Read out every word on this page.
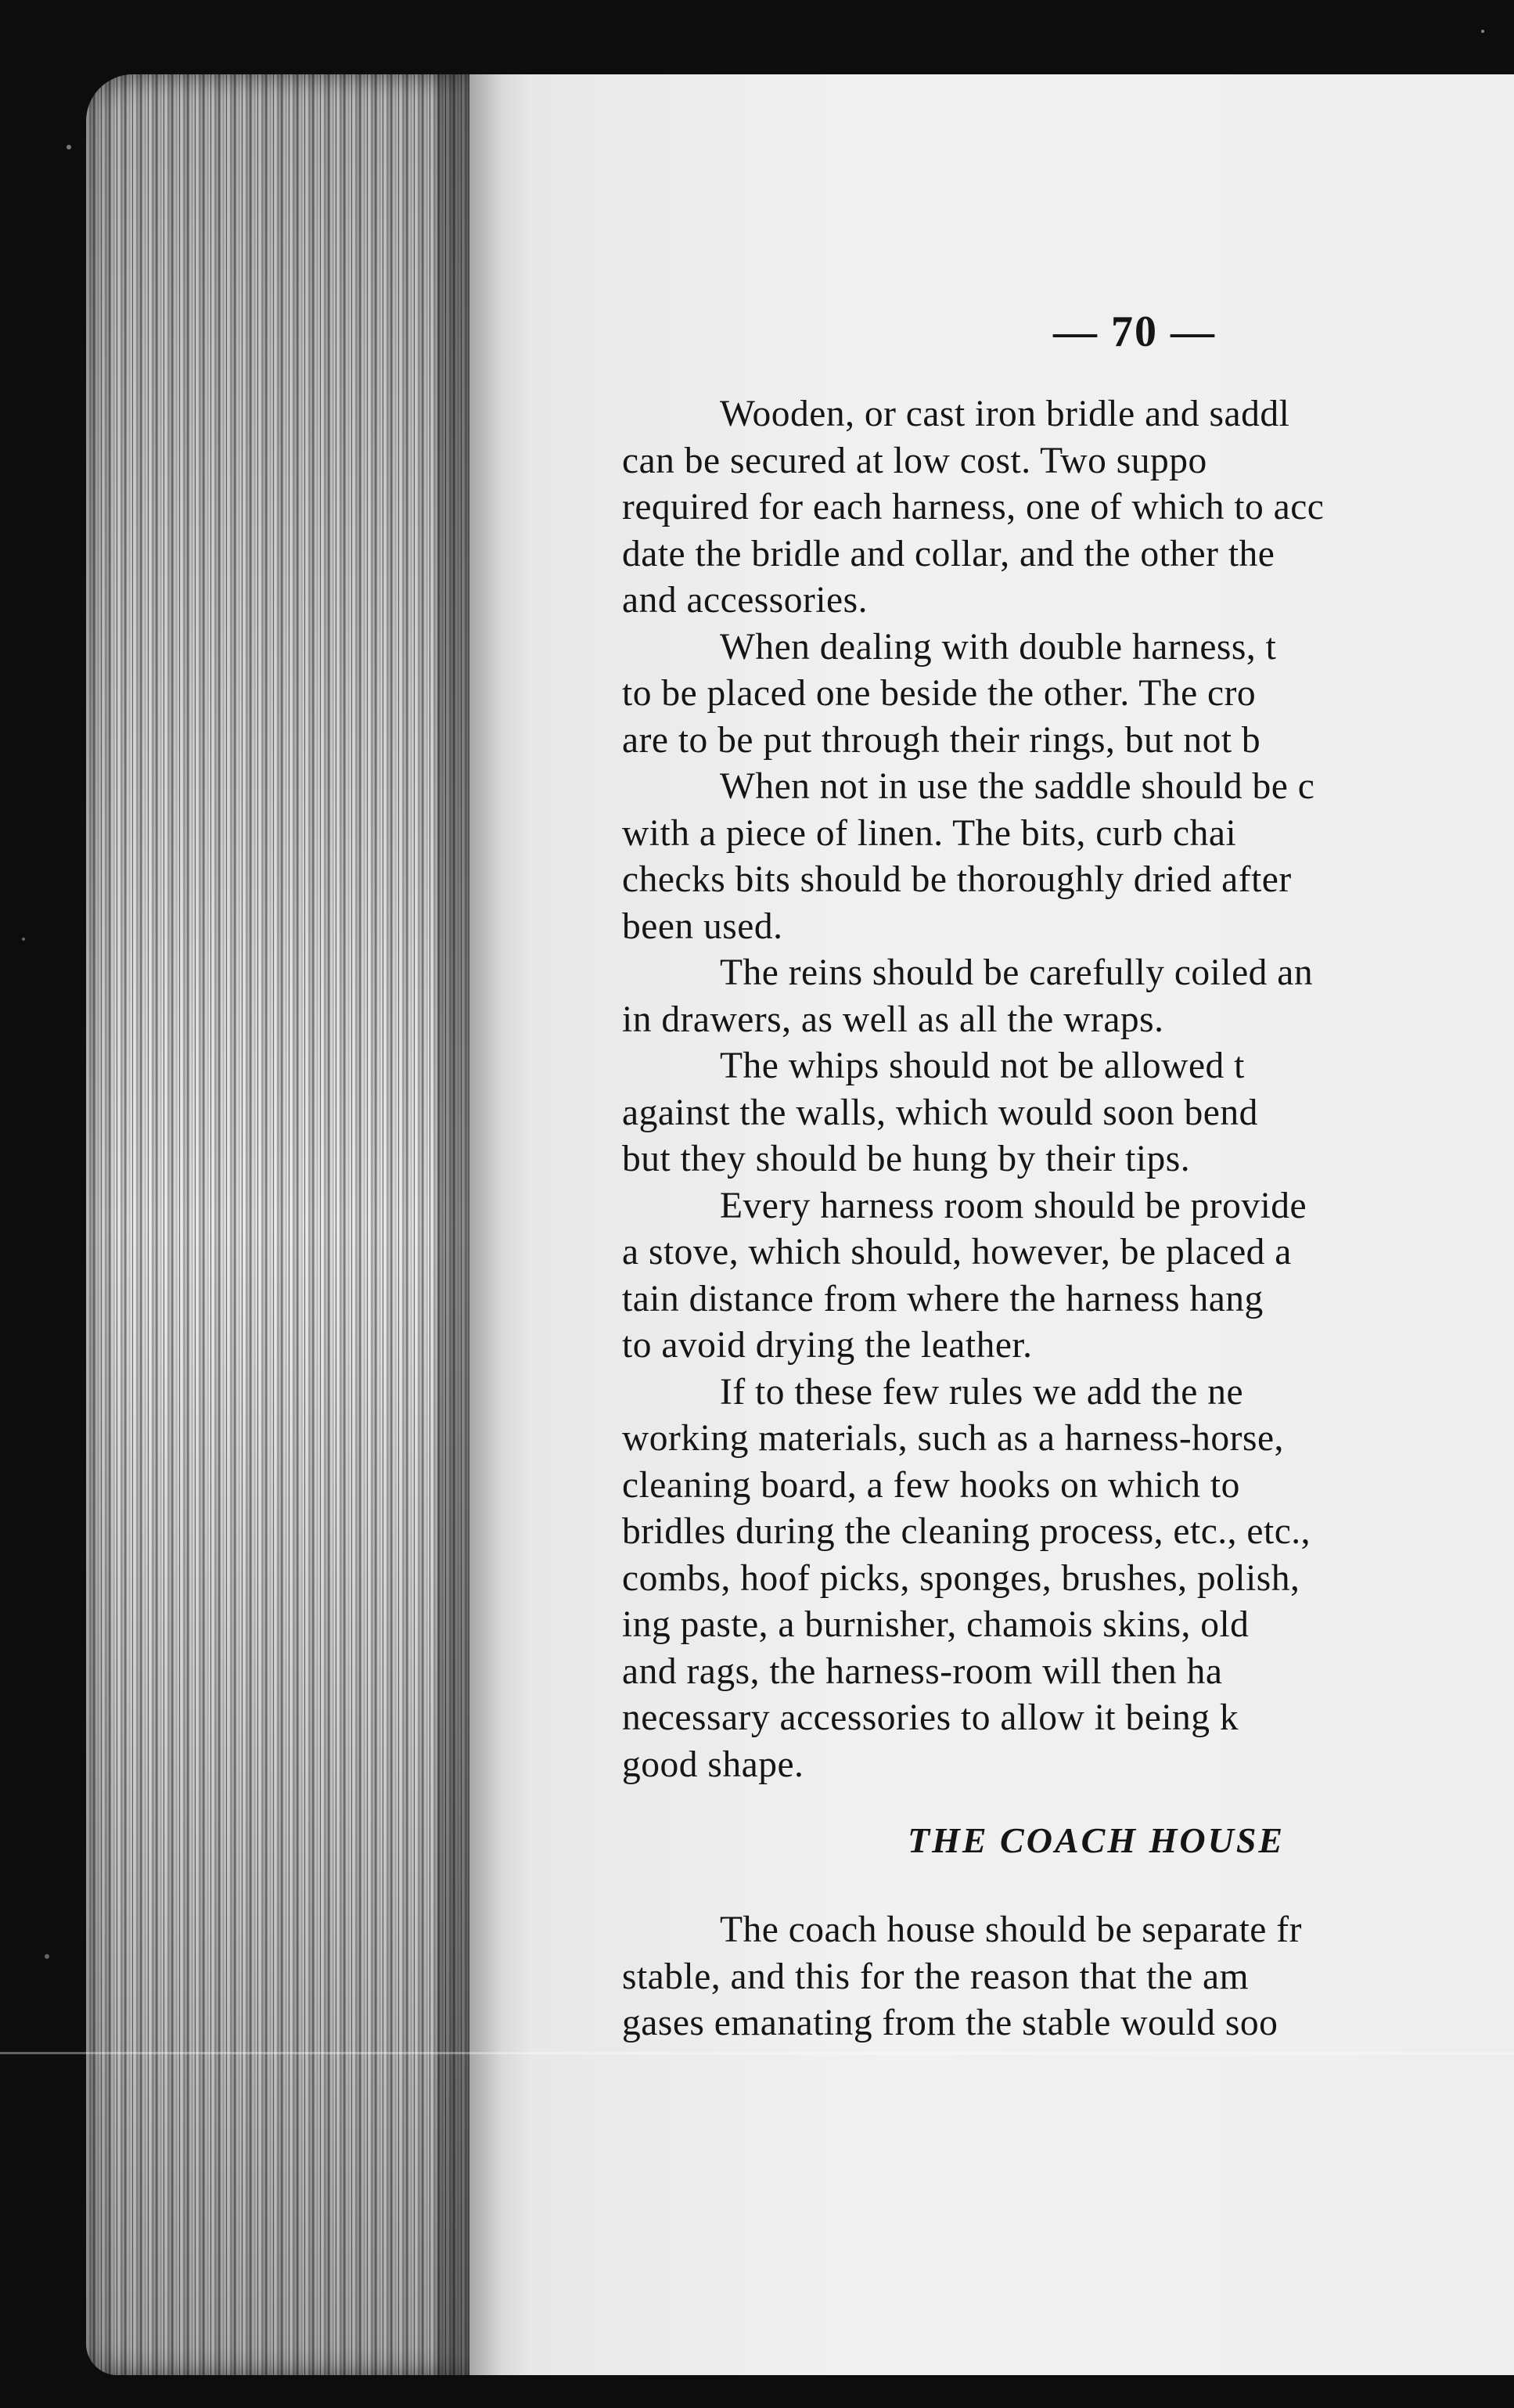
— 70 —
Wooden, or cast iron bridle and saddl
can be secured at low cost. Two suppo
required for each harness, one of which to acc
date the bridle and collar, and the other the
and accessories.
When dealing with double harness, t
to be placed one beside the other. The cro
are to be put through their rings, but not b
When not in use the saddle should be c
with a piece of linen. The bits, curb chai
checks bits should be thoroughly dried after
been used.
The reins should be carefully coiled an
in drawers, as well as all the wraps.
The whips should not be allowed t
against the walls, which would soon bend
but they should be hung by their tips.
Every harness room should be provide
a stove, which should, however, be placed a
tain distance from where the harness hang
to avoid drying the leather.
If to these few rules we add the ne
working materials, such as a harness-horse,
cleaning board, a few hooks on which to
bridles during the cleaning process, etc., etc.,
combs, hoof picks, sponges, brushes, polish,
ing paste, a burnisher, chamois skins, old
and rags, the harness-room will then ha
necessary accessories to allow it being k
good shape.
THE COACH HOUSE
The coach house should be separate fr
stable, and this for the reason that the am
gases emanating from the stable would soo
